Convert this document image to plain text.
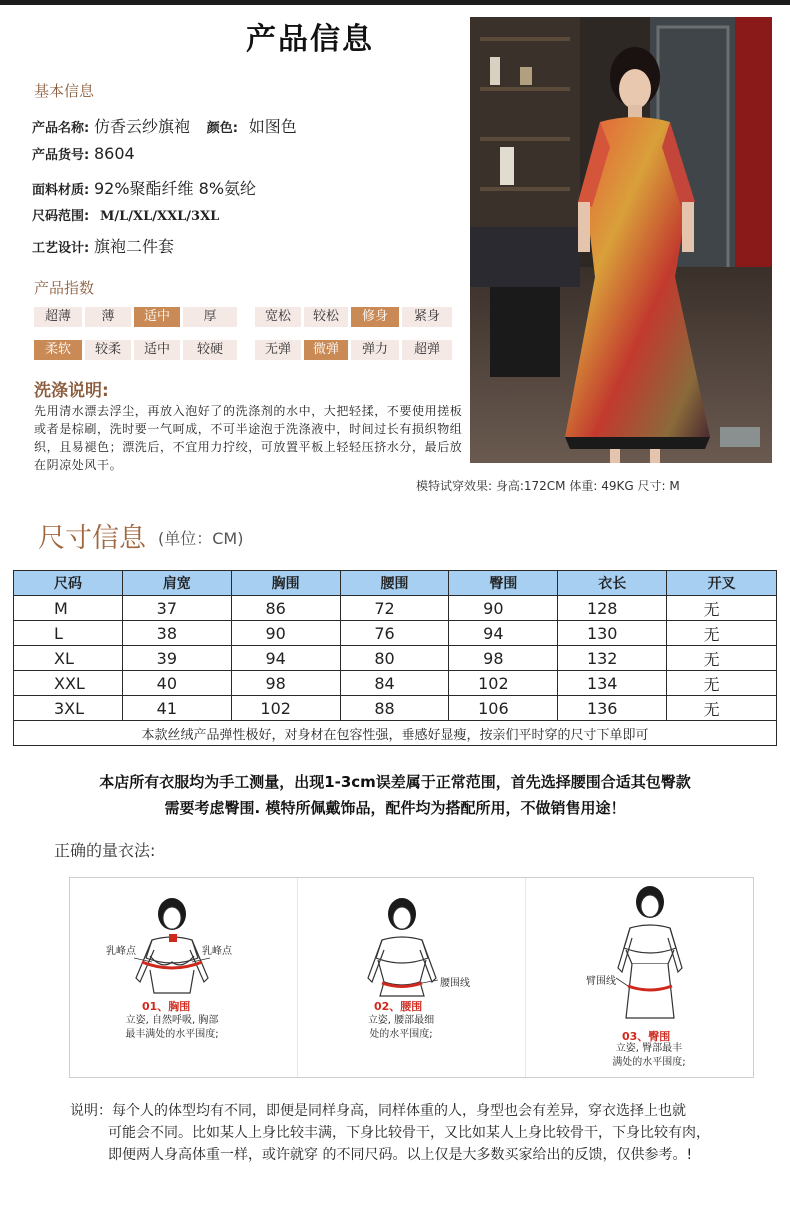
产品信息
基本信息
产品名称: 仿香云纱旗袍 颜色: 如图色
产品货号: 8604
面料材质: 92%聚酯纤维 8%氨纶
尺码范围: M/L/XL/XXL/3XL
工艺设计: 旗袍二件套
产品指数
超薄	薄	适中	厚	宽松	较松	修身	紧身
柔软	较柔	适中	较硬	无弹	微弹	弹力	超弹
洗涤说明:
先用清水漂去浮尘，再放入泡好了的洗涤剂的水中，大把轻揉，不要使用搓板或者是棕刷，洗时要一气呵成，不可半途泡于洗涤液中，时间过长有损织物组织，且易褪色；漂洗后，不宜用力拧绞，可放置平板上轻轻压挤水分，最后放在阴凉处风干。
模特试穿效果: 身高:172CM 体重: 49KG 尺寸: M
尺寸信息 (单位：CM)
尺码	肩宽	胸围	腰围	臀围	衣长	开叉
M	37	86	72	90	128	无
L	38	90	76	94	130	无
XL	39	94	80	98	132	无
XXL	40	98	84	102	134	无
3XL	41	102	88	106	136	无
本款丝绒产品弹性极好，对身材在包容性强，垂感好显瘦，按亲们平时穿的尺寸下单即可						
本店所有衣服均为手工测量，出现1-3cm误差属于正常范围，首先选择腰围合适其包臀款
需要考虑臀围. 模特所佩戴饰品，配件均为搭配所用，不做销售用途！
正确的量衣法:
乳峰点	乳峰点
01、胸围
立姿, 自然呼吸, 胸部
最丰满处的水平围度;
腰围线
02、腰围
立姿, 腰部最细
处的水平围度;
臂围线
03、臀围
立姿, 臀部最丰
满处的水平围度;
说明：每个人的体型均有不同，即便是同样身高，同样体重的人，身型也会有差异，穿衣选择上也就
可能会不同。比如某人上身比较丰满，下身比较骨干，又比如某人上身比较骨干，下身比较有肉，
即便两人身高体重一样，或许就穿 的不同尺码。以上仅是大多数买家给出的反馈，仅供参考。!
